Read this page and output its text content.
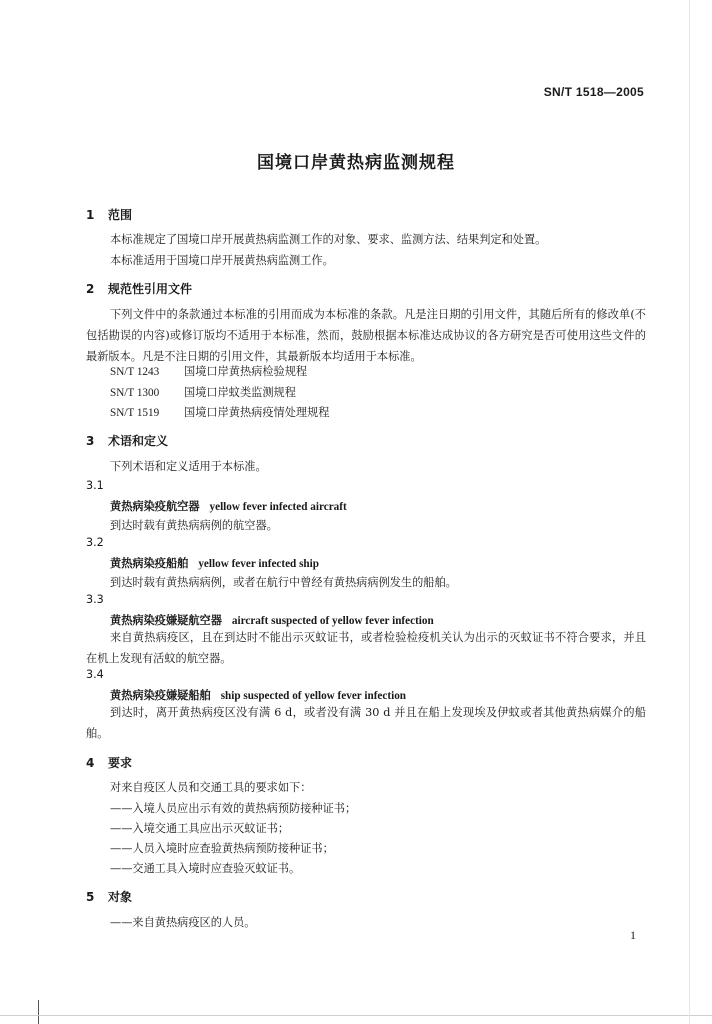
SN/T 1518—2005
国境口岸黄热病监测规程
1 范围

本标准规定了国境口岸开展黄热病监测工作的对象、要求、监测方法、结果判定和处置。

本标准适用于国境口岸开展黄热病监测工作。

2 规范性引用文件

下列文件中的条款通过本标准的引用而成为本标准的条款。凡是注日期的引用文件，其随后所有的修改单(不包括勘误的内容)或修订版均不适用于本标准，然而，鼓励根据本标准达成协议的各方研究是否可使用这些文件的最新版本。凡是不注日期的引用文件，其最新版本均适用于本标准。

SN/T 1243 国境口岸黄热病检验规程
SN/T 1300 国境口岸蚊类监测规程
SN/T 1519 国境口岸黄热病疫情处理规程
3 术语和定义
下列术语和定义适用于本标准。
3.1
黄热病染疫航空器 yellow fever infected aircraft
到达时载有黄热病病例的航空器。
3.2
黄热病染疫船舶 yellow fever infected ship
到达时载有黄热病病例，或者在航行中曾经有黄热病病例发生的船舶。
3.3
黄热病染疫嫌疑航空器 aircraft suspected of yellow fever infection

来自黄热病疫区，且在到达时不能出示灭蚊证书，或者检验检疫机关认为出示的灭蚊证书不符合要求，并且在机上发现有活蚊的航空器。

3.4
黄热病染疫嫌疑船舶 ship suspected of yellow fever infection

到达时，离开黄热病疫区没有满 6 d，或者没有满 30 d 并且在船上发现埃及伊蚊或者其他黄热病媒介的船舶。

4 要求
对来自疫区人员和交通工具的要求如下：
——入境人员应出示有效的黄热病预防接种证书；
——入境交通工具应出示灭蚊证书；
——人员入境时应查验黄热病预防接种证书；
——交通工具入境时应查验灭蚊证书。
5 对象
——来自黄热病疫区的人员。
1
